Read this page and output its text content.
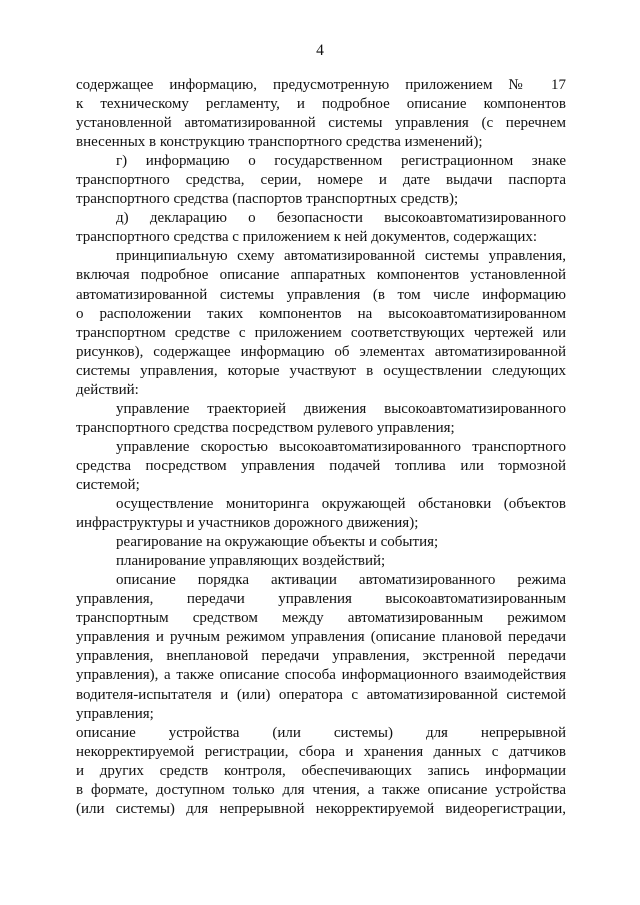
4
содержащее информацию, предусмотренную приложением № 17
к техническому регламенту, и подробное описание компонентов
установленной автоматизированной системы управления (с перечнем
внесенных в конструкцию транспортного средства изменений);
г) информацию о государственном регистрационном знаке
транспортного средства, серии, номере и дате выдачи паспорта
транспортного средства (паспортов транспортных средств);
д) декларацию о безопасности высокоавтоматизированного
транспортного средства с приложением к ней документов, содержащих:
принципиальную схему автоматизированной системы управления,
включая подробное описание аппаратных компонентов установленной
автоматизированной системы управления (в том числе информацию
о расположении таких компонентов на высокоавтоматизированном
транспортном средстве с приложением соответствующих чертежей или
рисунков), содержащее информацию об элементах автоматизированной
системы управления, которые участвуют в осуществлении следующих
действий:
управление траекторией движения высокоавтоматизированного
транспортного средства посредством рулевого управления;
управление скоростью высокоавтоматизированного транспортного
средства посредством управления подачей топлива или тормозной
системой;
осуществление мониторинга окружающей обстановки (объектов
инфраструктуры и участников дорожного движения);
реагирование на окружающие объекты и события;
планирование управляющих воздействий;
описание порядка активации автоматизированного режима
управления, передачи управления высокоавтоматизированным
транспортным средством между автоматизированным режимом
управления и ручным режимом управления (описание плановой передачи
управления, внеплановой передачи управления, экстренной передачи
управления), а также описание способа информационного взаимодействия
водителя-испытателя и (или) оператора с автоматизированной системой
управления;
описание устройства (или системы) для непрерывной
некорректируемой регистрации, сбора и хранения данных с датчиков
и других средств контроля, обеспечивающих запись информации
в формате, доступном только для чтения, а также описание устройства
(или системы) для непрерывной некорректируемой видеорегистрации,
